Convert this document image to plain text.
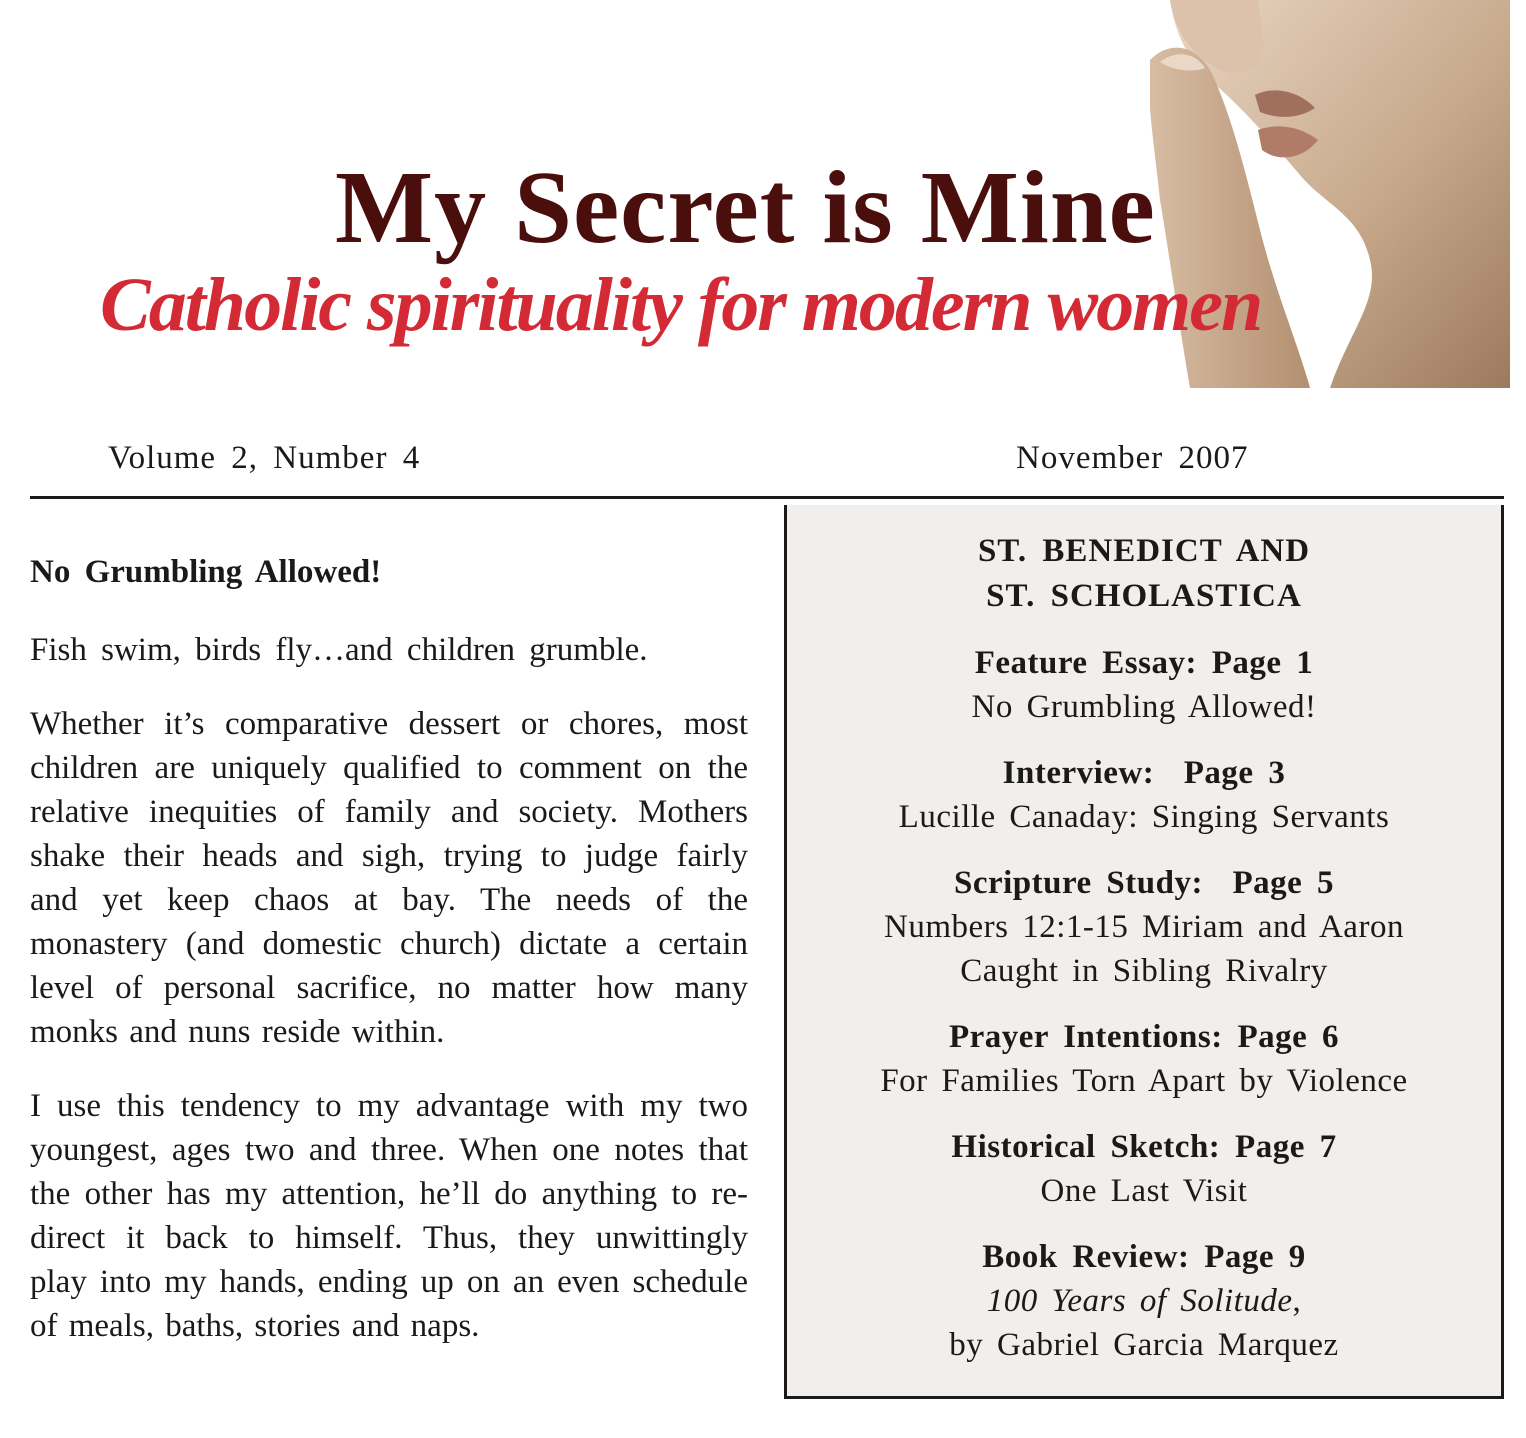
My Secret is Mine
Catholic spirituality for modern women
Volume 2, Number 4	November 2007
No Grumbling Allowed!

Fish swim, birds fly…and children grumble.

Whether it’s comparative dessert or chores, most children are uniquely qualified to comment on the relative inequities of family and society. Mothers shake their heads and sigh, trying to judge fairly and yet keep chaos at bay. The needs of the monastery (and domestic church) dictate a certain level of personal sacrifice, no matter how many monks and nuns reside within.

I use this tendency to my advantage with my two youngest, ages two and three. When one notes that the other has my attention, he’ll do anything to re-direct it back to himself. Thus, they unwittingly play into my hands, ending up on an even schedule of meals, baths, stories and naps.

ST. BENEDICT AND
ST. SCHOLASTICA
Feature Essay: Page 1
No Grumbling Allowed!
Interview:  Page 3
Lucille Canaday: Singing Servants
Scripture Study:  Page 5
Numbers 12:1-15 Miriam and Aaron
Caught in Sibling Rivalry
Prayer Intentions: Page 6
For Families Torn Apart by Violence
Historical Sketch: Page 7
One Last Visit
Book Review: Page 9
100 Years of Solitude,
by Gabriel Garcia Marquez
